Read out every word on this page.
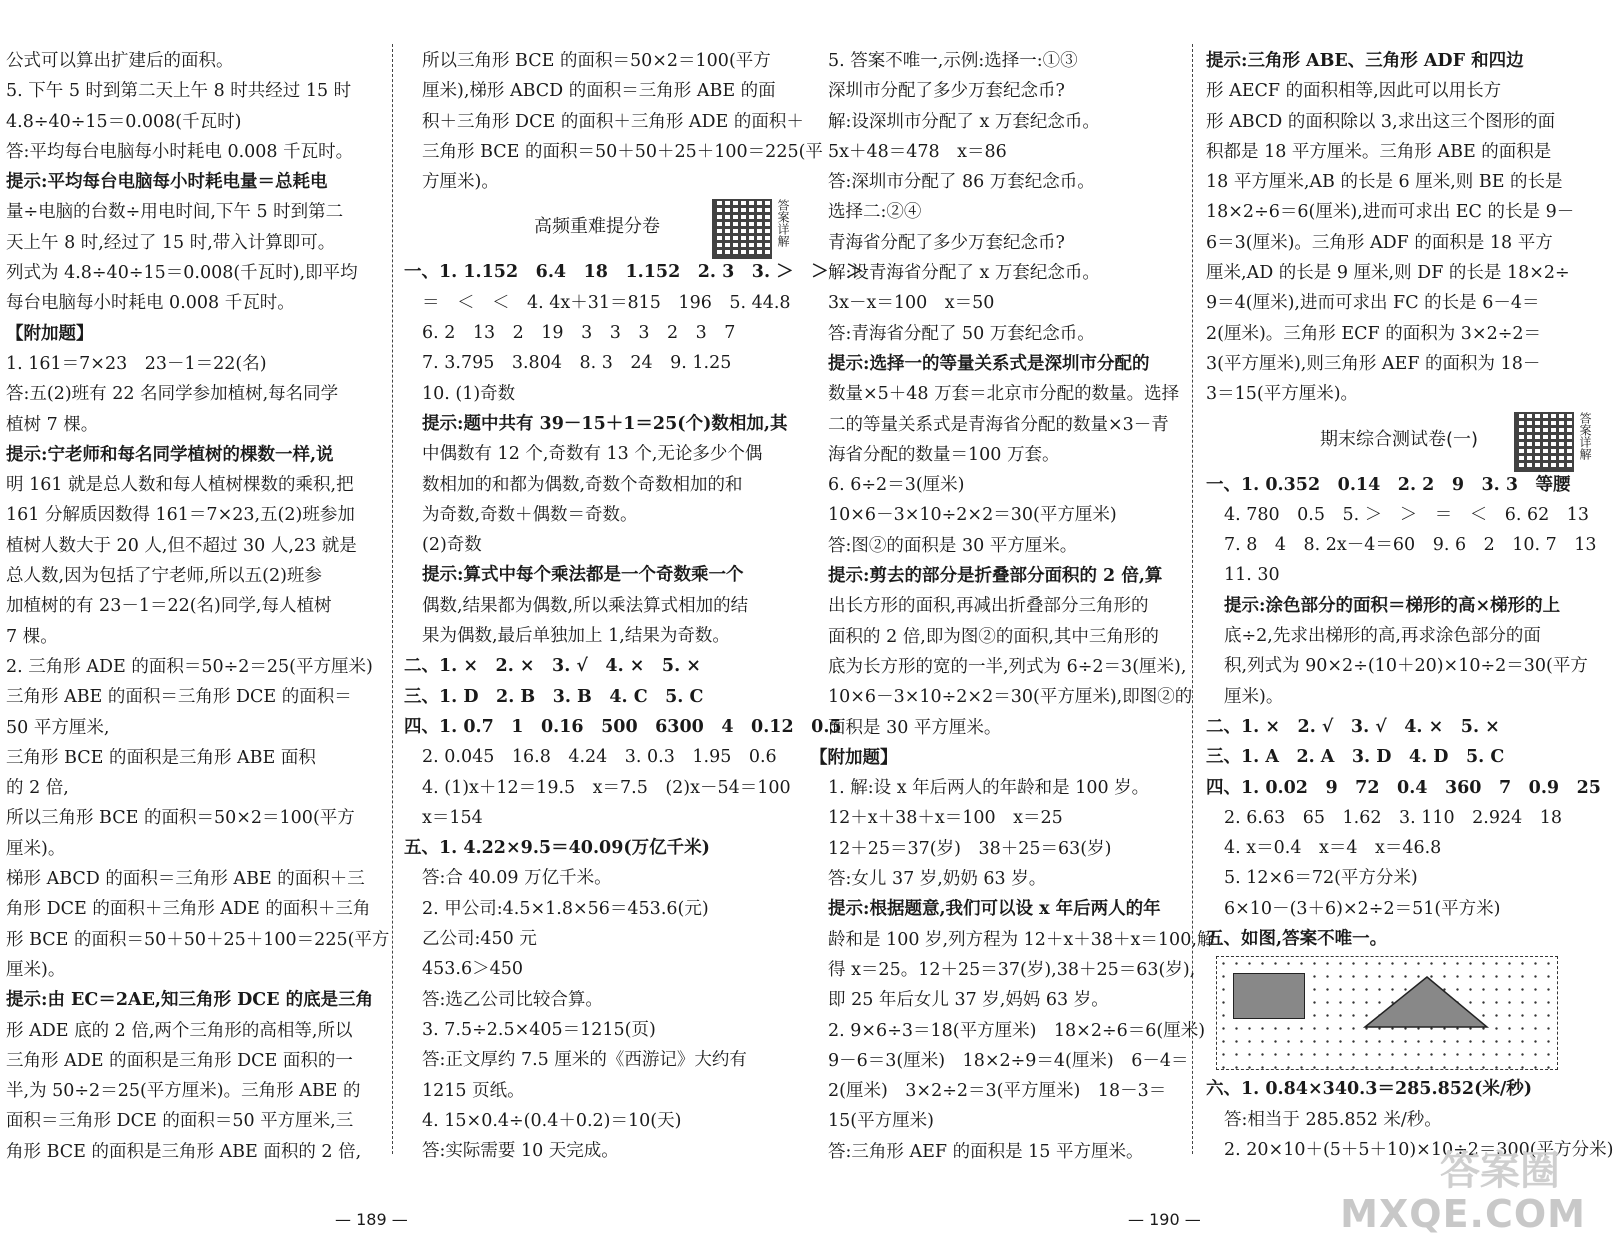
公式可以算出扩建后的面积。
5. 下午 5 时到第二天上午 8 时共经过 15 时
4.8÷40÷15＝0.008(千瓦时)
答:平均每台电脑每小时耗电 0.008 千瓦时。
提示:平均每台电脑每小时耗电量＝总耗电
量÷电脑的台数÷用电时间,下午 5 时到第二
天上午 8 时,经过了 15 时,带入计算即可。
列式为 4.8÷40÷15＝0.008(千瓦时),即平均
每台电脑每小时耗电 0.008 千瓦时。
【附加题】
1. 161＝7×23　23－1＝22(名)
答:五(2)班有 22 名同学参加植树,每名同学
植树 7 棵。
提示:宁老师和每名同学植树的棵数一样,说
明 161 就是总人数和每人植树棵数的乘积,把
161 分解质因数得 161＝7×23,五(2)班参加
植树人数大于 20 人,但不超过 30 人,23 就是
总人数,因为包括了宁老师,所以五(2)班参
加植树的有 23－1＝22(名)同学,每人植树
7 棵。
2. 三角形 ADE 的面积＝50÷2＝25(平方厘米)
三角形 ABE 的面积＝三角形 DCE 的面积＝
50 平方厘米,
三角形 BCE 的面积是三角形 ABE 面积
的 2 倍,
所以三角形 BCE 的面积＝50×2＝100(平方
厘米)。
梯形 ABCD 的面积＝三角形 ABE 的面积＋三
角形 DCE 的面积＋三角形 ADE 的面积＋三角
形 BCE 的面积＝50＋50＋25＋100＝225(平方
厘米)。
提示:由 EC＝2AE,知三角形 DCE 的底是三角
形 ADE 底的 2 倍,两个三角形的高相等,所以
三角形 ADE 的面积是三角形 DCE 面积的一
半,为 50÷2＝25(平方厘米)。三角形 ABE 的
面积＝三角形 DCE 的面积＝50 平方厘米,三
角形 BCE 的面积是三角形 ABE 面积的 2 倍,
所以三角形 BCE 的面积＝50×2＝100(平方
厘米),梯形 ABCD 的面积＝三角形 ABE 的面
积＋三角形 DCE 的面积＋三角形 ADE 的面积＋
三角形 BCE 的面积＝50＋50＋25＋100＝225(平
方厘米)。
高频重难提分卷	答案详解
一、1. 1.152　6.4　18　1.152　2. 3　3. ＞　＞　＞
＝　＜　＜　4. 4x＋31＝815　196　5. 44.8
6. 2　13　2　19　3　3　3　2　3　7
7. 3.795　3.804　8. 3　24　9. 1.25
10. (1)奇数
提示:题中共有 39－15＋1＝25(个)数相加,其
中偶数有 12 个,奇数有 13 个,无论多少个偶
数相加的和都为偶数,奇数个奇数相加的和
为奇数,奇数＋偶数＝奇数。
(2)奇数
提示:算式中每个乘法都是一个奇数乘一个
偶数,结果都为偶数,所以乘法算式相加的结
果为偶数,最后单独加上 1,结果为奇数。
二、1. ×　2. ×　3. √　4. ×　5. ×
三、1. D　2. B　3. B　4. C　5. C
四、1. 0.7　1　0.16　500　6300　4　0.12　0.5
2. 0.045　16.8　4.24　3. 0.3　1.95　0.6
4. (1)x＋12＝19.5　x＝7.5　(2)x－54＝100
x＝154
五、1. 4.22×9.5＝40.09(万亿千米)
答:合 40.09 万亿千米。
2. 甲公司:4.5×1.8×56＝453.6(元)
乙公司:450 元
453.6＞450
答:选乙公司比较合算。
3. 7.5÷2.5×405＝1215(页)
答:正文厚约 7.5 厘米的《西游记》大约有
1215 页纸。
4. 15×0.4÷(0.4＋0.2)＝10(天)
答:实际需要 10 天完成。
5. 答案不唯一,示例:选择一:①③
深圳市分配了多少万套纪念币?
解:设深圳市分配了 x 万套纪念币。
5x＋48＝478　x＝86
答:深圳市分配了 86 万套纪念币。
选择二:②④
青海省分配了多少万套纪念币?
解:设青海省分配了 x 万套纪念币。
3x－x＝100　x＝50
答:青海省分配了 50 万套纪念币。
提示:选择一的等量关系式是深圳市分配的
数量×5＋48 万套＝北京市分配的数量。选择
二的等量关系式是青海省分配的数量×3－青
海省分配的数量＝100 万套。
6. 6÷2＝3(厘米)
10×6－3×10÷2×2＝30(平方厘米)
答:图②的面积是 30 平方厘米。
提示:剪去的部分是折叠部分面积的 2 倍,算
出长方形的面积,再减出折叠部分三角形的
面积的 2 倍,即为图②的面积,其中三角形的
底为长方形的宽的一半,列式为 6÷2＝3(厘米),
10×6－3×10÷2×2＝30(平方厘米),即图②的
面积是 30 平方厘米。
【附加题】
1. 解:设 x 年后两人的年龄和是 100 岁。
12＋x＋38＋x＝100　x＝25
12＋25＝37(岁)　38＋25＝63(岁)
答:女儿 37 岁,奶奶 63 岁。
提示:根据题意,我们可以设 x 年后两人的年
龄和是 100 岁,列方程为 12＋x＋38＋x＝100,解
得 x＝25。12＋25＝37(岁),38＋25＝63(岁),
即 25 年后女儿 37 岁,妈妈 63 岁。
2. 9×6÷3＝18(平方厘米)　18×2÷6＝6(厘米)
9－6＝3(厘米)　18×2÷9＝4(厘米)　6－4＝
2(厘米)　3×2÷2＝3(平方厘米)　18－3＝
15(平方厘米)
答:三角形 AEF 的面积是 15 平方厘米。
提示:三角形 ABE、三角形 ADF 和四边
形 AECF 的面积相等,因此可以用长方
形 ABCD 的面积除以 3,求出这三个图形的面
积都是 18 平方厘米。三角形 ABE 的面积是
18 平方厘米,AB 的长是 6 厘米,则 BE 的长是
18×2÷6＝6(厘米),进而可求出 EC 的长是 9－
6＝3(厘米)。三角形 ADF 的面积是 18 平方
厘米,AD 的长是 9 厘米,则 DF 的长是 18×2÷
9＝4(厘米),进而可求出 FC 的长是 6－4＝
2(厘米)。三角形 ECF 的面积为 3×2÷2＝
3(平方厘米),则三角形 AEF 的面积为 18－
3＝15(平方厘米)。
期末综合测试卷(一)	答案详解
一、1. 0.352　0.14　2. 2　9　3. 3　等腰
4. 780　0.5　5. ＞　＞　＝　＜　6. 62　13
7. 8　4　8. 2x－4＝60　9. 6　2　10. 7　13
11. 30
提示:涂色部分的面积＝梯形的高×梯形的上
底÷2,先求出梯形的高,再求涂色部分的面
积,列式为 90×2÷(10＋20)×10÷2＝30(平方
厘米)。
二、1. ×　2. √　3. √　4. ×　5. ×
三、1. A　2. A　3. D　4. D　5. C
四、1. 0.02　9　72　0.4　360　7　0.9　25
2. 6.63　65　1.62　3. 110　2.924　18
4. x＝0.4　x＝4　x＝46.8
5. 12×6＝72(平方分米)
6×10－(3＋6)×2÷2＝51(平方米)
五、如图,答案不唯一。
六、1. 0.84×340.3＝285.852(米/秒)
答:相当于 285.852 米/秒。
2. 20×10＋(5＋5＋10)×10÷2＝300(平方分米)
— 189 —	— 190 —
答案圈
MXQE.COM
